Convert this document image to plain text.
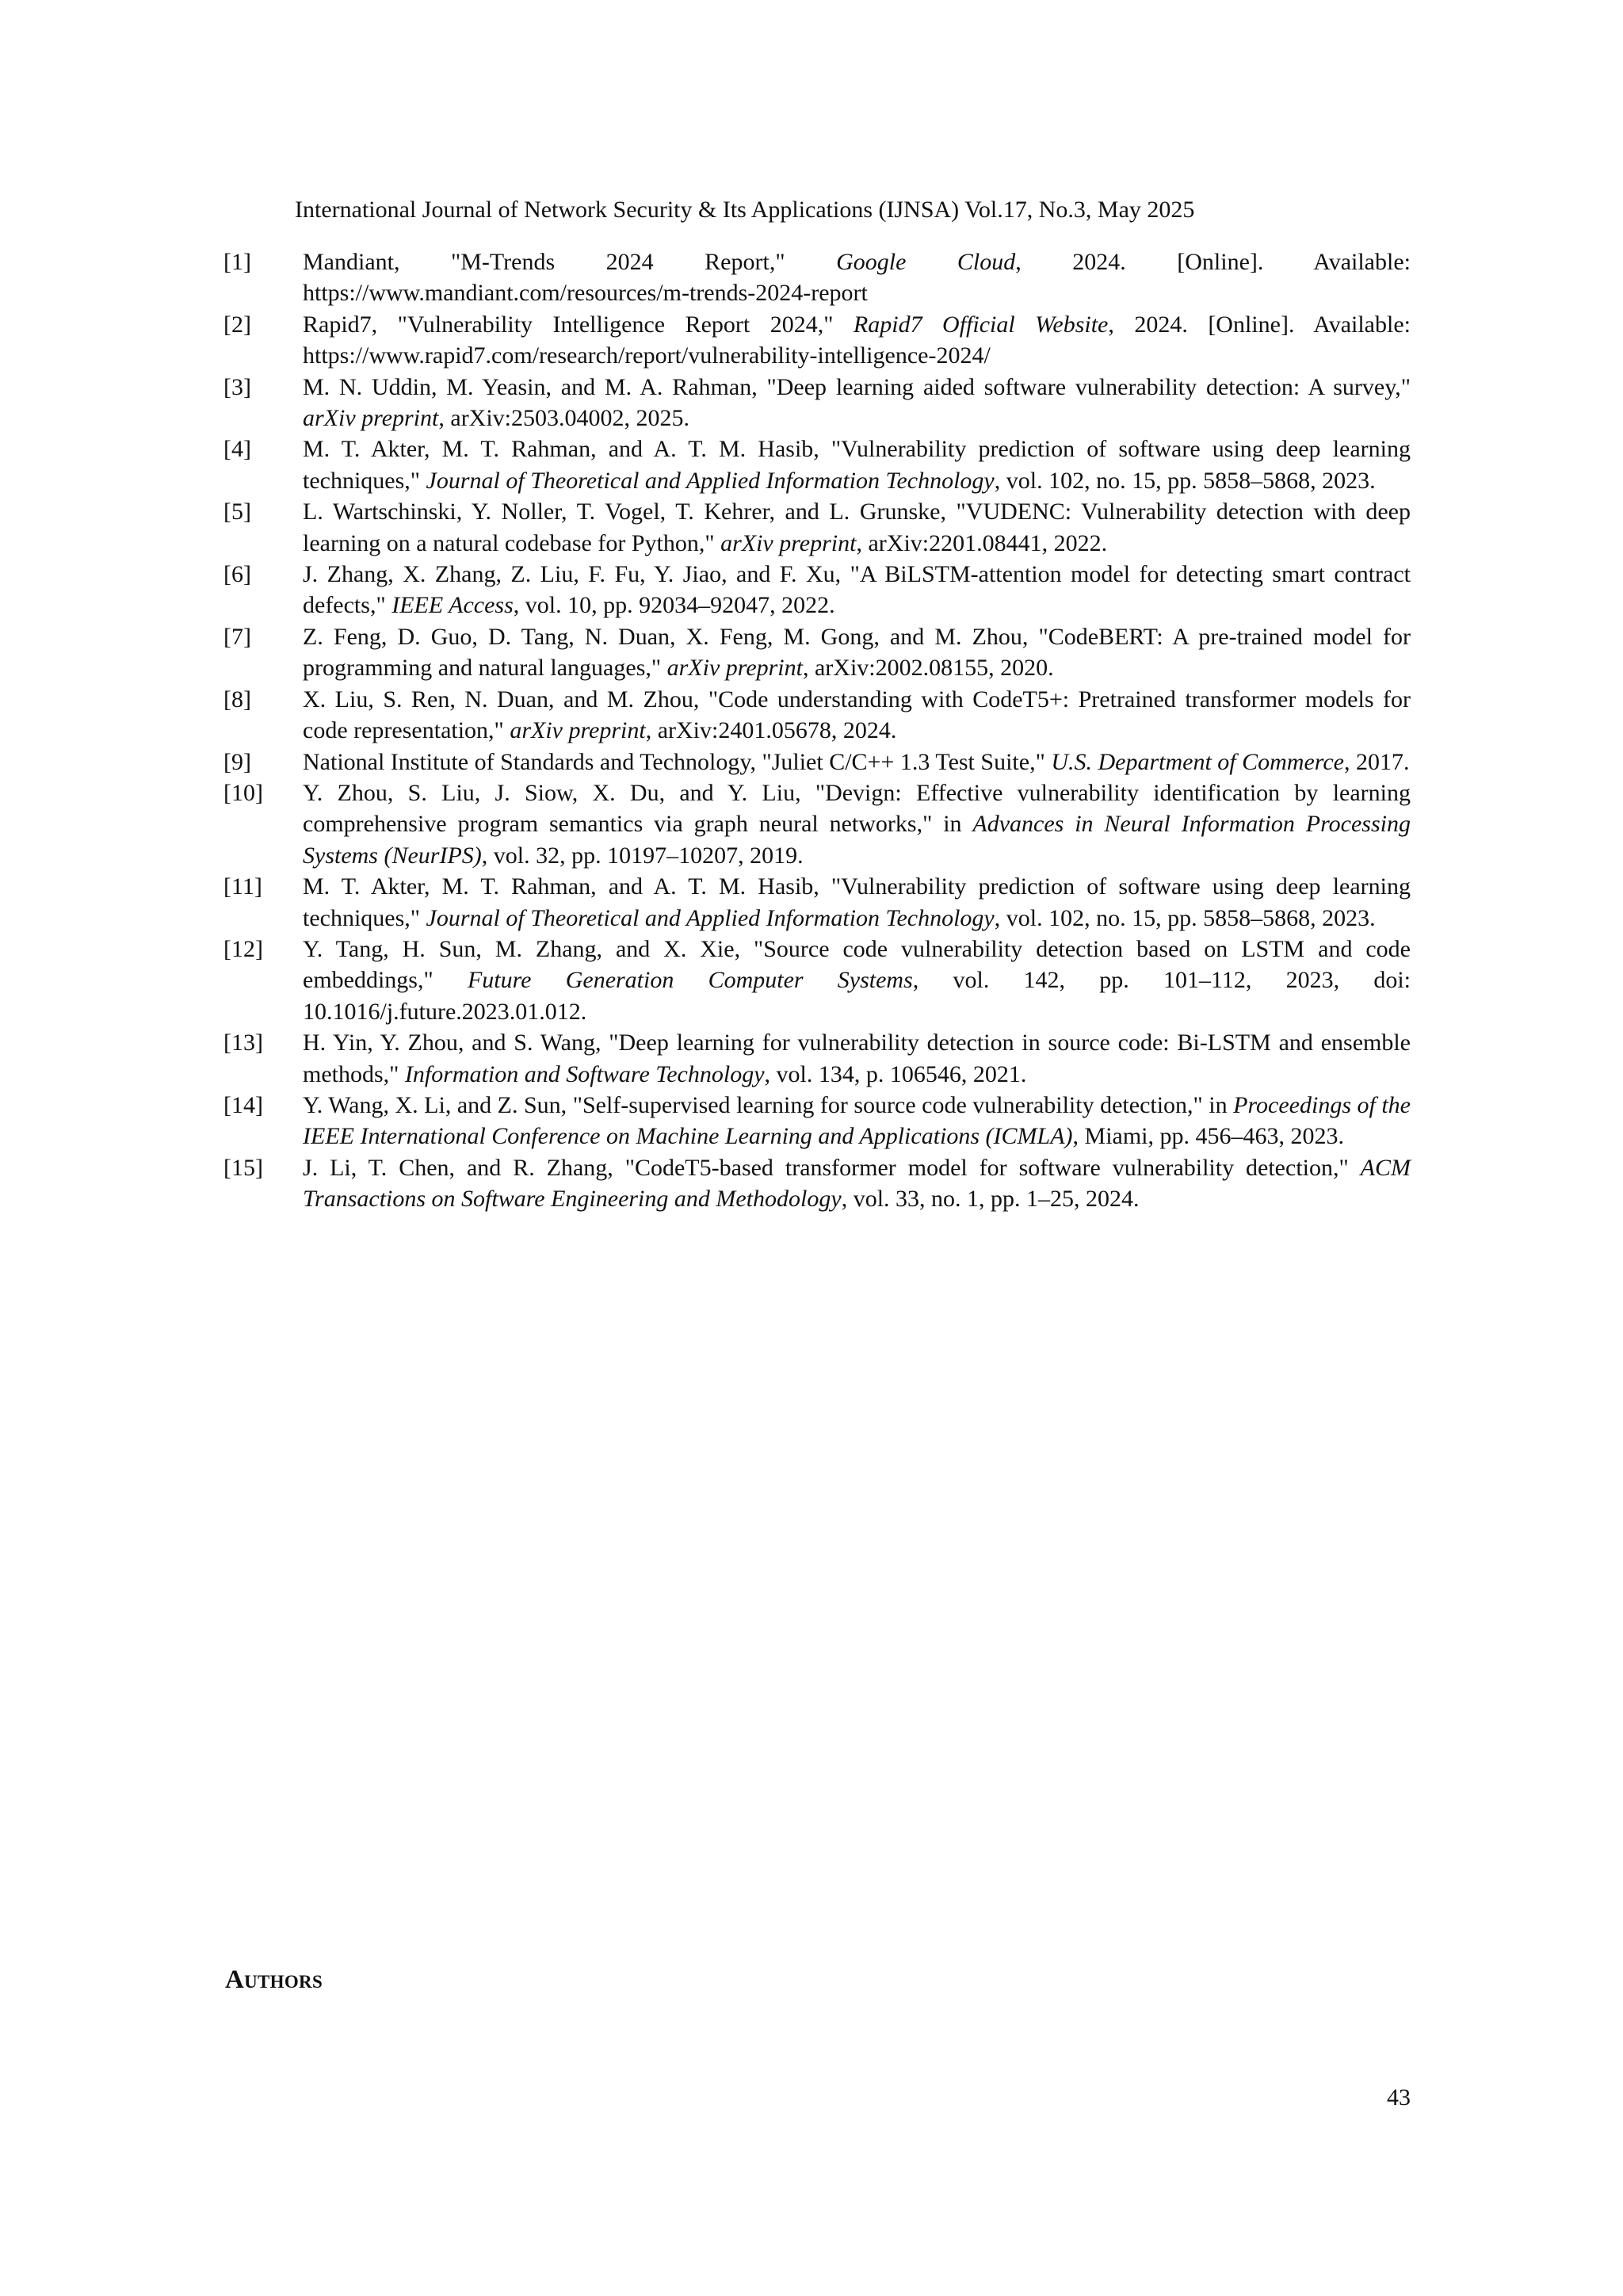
International Journal of Network Security & Its Applications (IJNSA) Vol.17, No.3, May 2025
[1]	Mandiant, "M-Trends 2024 Report," Google Cloud, 2024. [Online]. Available: https://www.mandiant.com/resources/m-trends-2024-report
[2]	Rapid7, "Vulnerability Intelligence Report 2024," Rapid7 Official Website, 2024. [Online]. Available: https://www.rapid7.com/research/report/vulnerability-intelligence-2024/
[3]	M. N. Uddin, M. Yeasin, and M. A. Rahman, "Deep learning aided software vulnerability detection: A survey," arXiv preprint, arXiv:2503.04002, 2025.
[4]	M. T. Akter, M. T. Rahman, and A. T. M. Hasib, "Vulnerability prediction of software using deep learning techniques," Journal of Theoretical and Applied Information Technology, vol. 102, no. 15, pp. 5858–5868, 2023.
[5]	L. Wartschinski, Y. Noller, T. Vogel, T. Kehrer, and L. Grunske, "VUDENC: Vulnerability detection with deep learning on a natural codebase for Python," arXiv preprint, arXiv:2201.08441, 2022.
[6]	J. Zhang, X. Zhang, Z. Liu, F. Fu, Y. Jiao, and F. Xu, "A BiLSTM-attention model for detecting smart contract defects," IEEE Access, vol. 10, pp. 92034–92047, 2022.
[7]	Z. Feng, D. Guo, D. Tang, N. Duan, X. Feng, M. Gong, and M. Zhou, "CodeBERT: A pre-trained model for programming and natural languages," arXiv preprint, arXiv:2002.08155, 2020.
[8]	X. Liu, S. Ren, N. Duan, and M. Zhou, "Code understanding with CodeT5+: Pretrained transformer models for code representation," arXiv preprint, arXiv:2401.05678, 2024.
[9]	National Institute of Standards and Technology, "Juliet C/C++ 1.3 Test Suite," U.S. Department of Commerce, 2017.
[10]	Y. Zhou, S. Liu, J. Siow, X. Du, and Y. Liu, "Devign: Effective vulnerability identification by learning comprehensive program semantics via graph neural networks," in Advances in Neural Information Processing Systems (NeurIPS), vol. 32, pp. 10197–10207, 2019.
[11]	M. T. Akter, M. T. Rahman, and A. T. M. Hasib, "Vulnerability prediction of software using deep learning techniques," Journal of Theoretical and Applied Information Technology, vol. 102, no. 15, pp. 5858–5868, 2023.
[12]	Y. Tang, H. Sun, M. Zhang, and X. Xie, "Source code vulnerability detection based on LSTM and code embeddings," Future Generation Computer Systems, vol. 142, pp. 101–112, 2023, doi: 10.1016/j.future.2023.01.012.
[13]	H. Yin, Y. Zhou, and S. Wang, "Deep learning for vulnerability detection in source code: Bi-LSTM and ensemble methods," Information and Software Technology, vol. 134, p. 106546, 2021.
[14]	Y. Wang, X. Li, and Z. Sun, "Self-supervised learning for source code vulnerability detection," in Proceedings of the IEEE International Conference on Machine Learning and Applications (ICMLA), Miami, pp. 456–463, 2023.
[15]	J. Li, T. Chen, and R. Zhang, "CodeT5-based transformer model for software vulnerability detection," ACM Transactions on Software Engineering and Methodology, vol. 33, no. 1, pp. 1–25, 2024.
Authors
43
